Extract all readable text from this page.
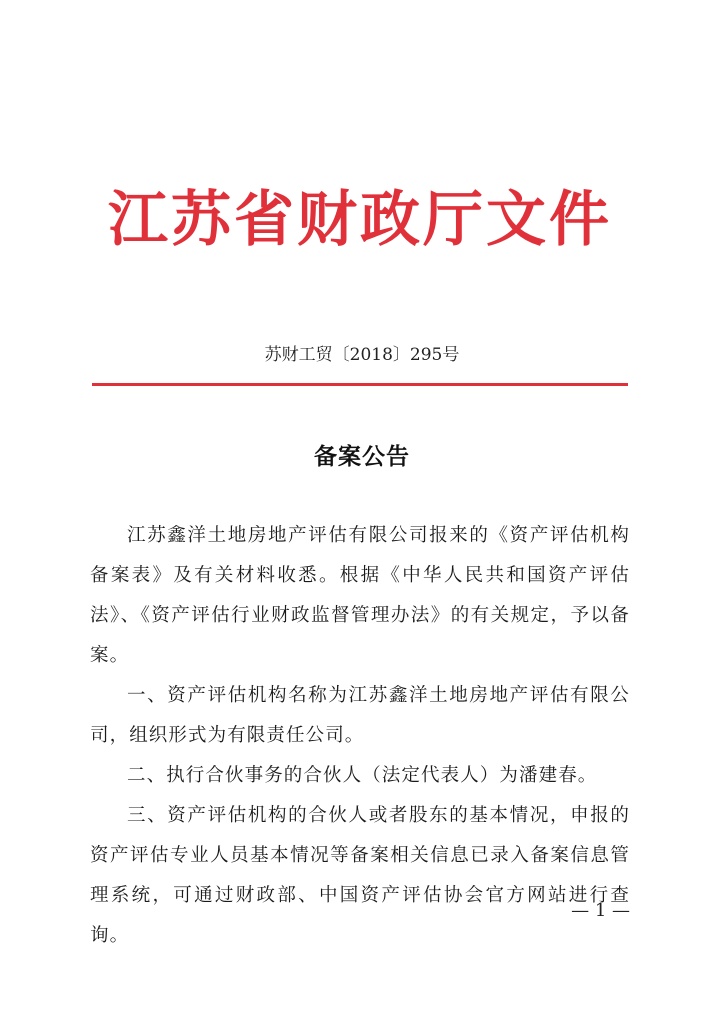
江苏省财政厅文件
苏财工贸〔2018〕295号
备案公告

江苏鑫洋土地房地产评估有限公司报来的《资产评估机构备案表》及有关材料收悉。根据《中华人民共和国资产评估法》、《资产评估行业财政监督管理办法》的有关规定，予以备案。

一、资产评估机构名称为江苏鑫洋土地房地产评估有限公司，组织形式为有限责任公司。

二、执行合伙事务的合伙人（法定代表人）为潘建春。

三、资产评估机构的合伙人或者股东的基本情况，申报的资产评估专业人员基本情况等备案相关信息已录入备案信息管理系统，可通过财政部、中国资产评估协会官方网站进行查询。

— 1 —
